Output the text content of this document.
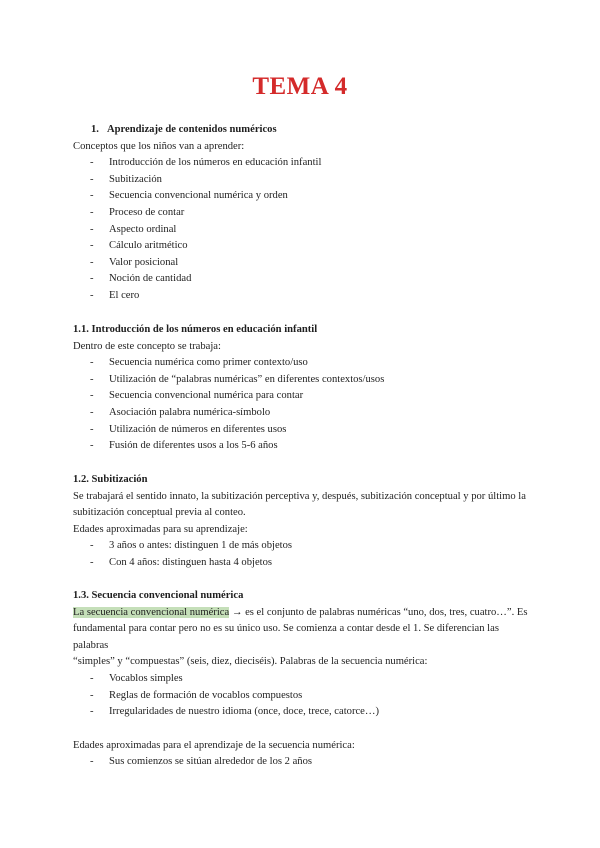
TEMA 4
1. Aprendizaje de contenidos numéricos

Conceptos que los niños van a aprender:

- Introducción de los números en educación infantil
- Subitización
- Secuencia convencional numérica y orden
- Proceso de contar
- Aspecto ordinal
- Cálculo aritmético
- Valor posicional
- Noción de cantidad
- El cero
1.1. Introducción de los números en educación infantil

Dentro de este concepto se trabaja:

- Secuencia numérica como primer contexto/uso
- Utilización de “palabras numéricas” en diferentes contextos/usos
- Secuencia convencional numérica para contar
- Asociación palabra numérica-símbolo
- Utilización de números en diferentes usos
- Fusión de diferentes usos a los 5-6 años
1.2. Subitización

Se trabajará el sentido innato, la subitización perceptiva y, después, subitización conceptual y por último la
subitización conceptual previa al conteo.

Edades aproximadas para su aprendizaje:

- 3 años o antes: distinguen 1 de más objetos
- Con 4 años: distinguen hasta 4 objetos
1.3. Secuencia convencional numérica

La secuencia convencional numérica → es el conjunto de palabras numéricas “uno, dos, tres, cuatro…”. Es
fundamental para contar pero no es su único uso. Se comienza a contar desde el 1. Se diferencian las palabras
“simples” y “compuestas” (seis, diez, dieciséis). Palabras de la secuencia numérica:

- Vocablos simples
- Reglas de formación de vocablos compuestos
- Irregularidades de nuestro idioma (once, doce, trece, catorce…)

Edades aproximadas para el aprendizaje de la secuencia numérica:

- Sus comienzos se sitúan alrededor de los 2 años
